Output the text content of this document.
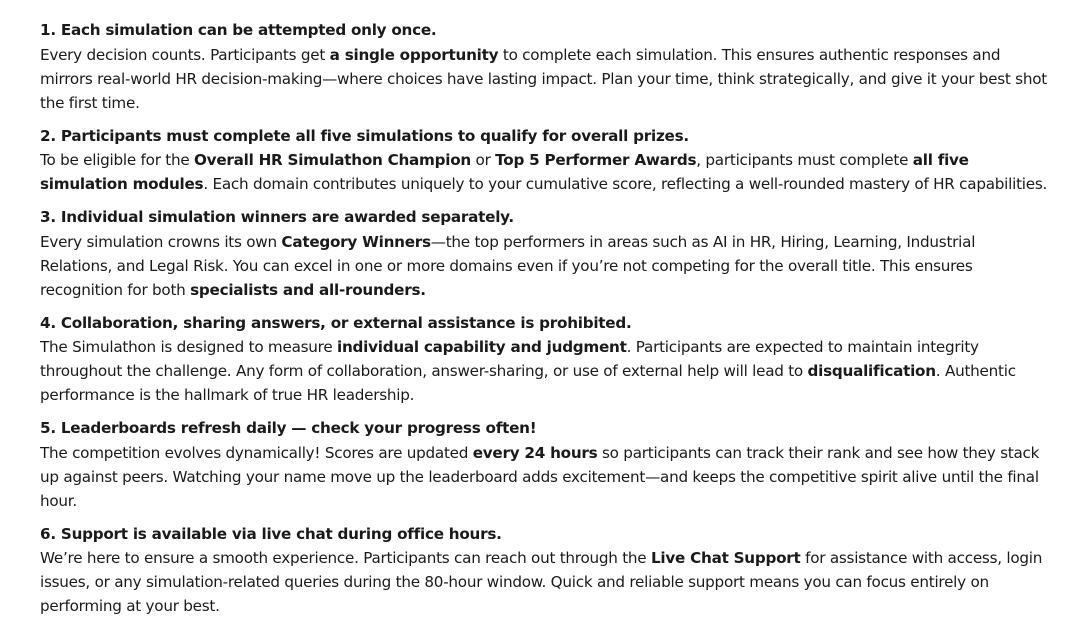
1. Each simulation can be attempted only once.

Every decision counts. Participants get a single opportunity to complete each simulation. This ensures authentic responses and mirrors real-world HR decision-making—where choices have lasting impact. Plan your time, think strategically, and give it your best shot the first time.

2. Participants must complete all five simulations to qualify for overall prizes.

To be eligible for the Overall HR Simulathon Champion or Top 5 Performer Awards, participants must complete all five simulation modules. Each domain contributes uniquely to your cumulative score, reflecting a well-rounded mastery of HR capabilities.

3. Individual simulation winners are awarded separately.

Every simulation crowns its own Category Winners—the top performers in areas such as AI in HR, Hiring, Learning, Industrial Relations, and Legal Risk. You can excel in one or more domains even if you’re not competing for the overall title. This ensures recognition for both specialists and all-rounders.

4. Collaboration, sharing answers, or external assistance is prohibited.

The Simulathon is designed to measure individual capability and judgment. Participants are expected to maintain integrity throughout the challenge. Any form of collaboration, answer-sharing, or use of external help will lead to disqualification. Authentic performance is the hallmark of true HR leadership.

5. Leaderboards refresh daily — check your progress often!

The competition evolves dynamically! Scores are updated every 24 hours so participants can track their rank and see how they stack up against peers. Watching your name move up the leaderboard adds excitement—and keeps the competitive spirit alive until the final hour.

6. Support is available via live chat during office hours.

We’re here to ensure a smooth experience. Participants can reach out through the Live Chat Support for assistance with access, login issues, or any simulation-related queries during the 80-hour window. Quick and reliable support means you can focus entirely on performing at your best.
